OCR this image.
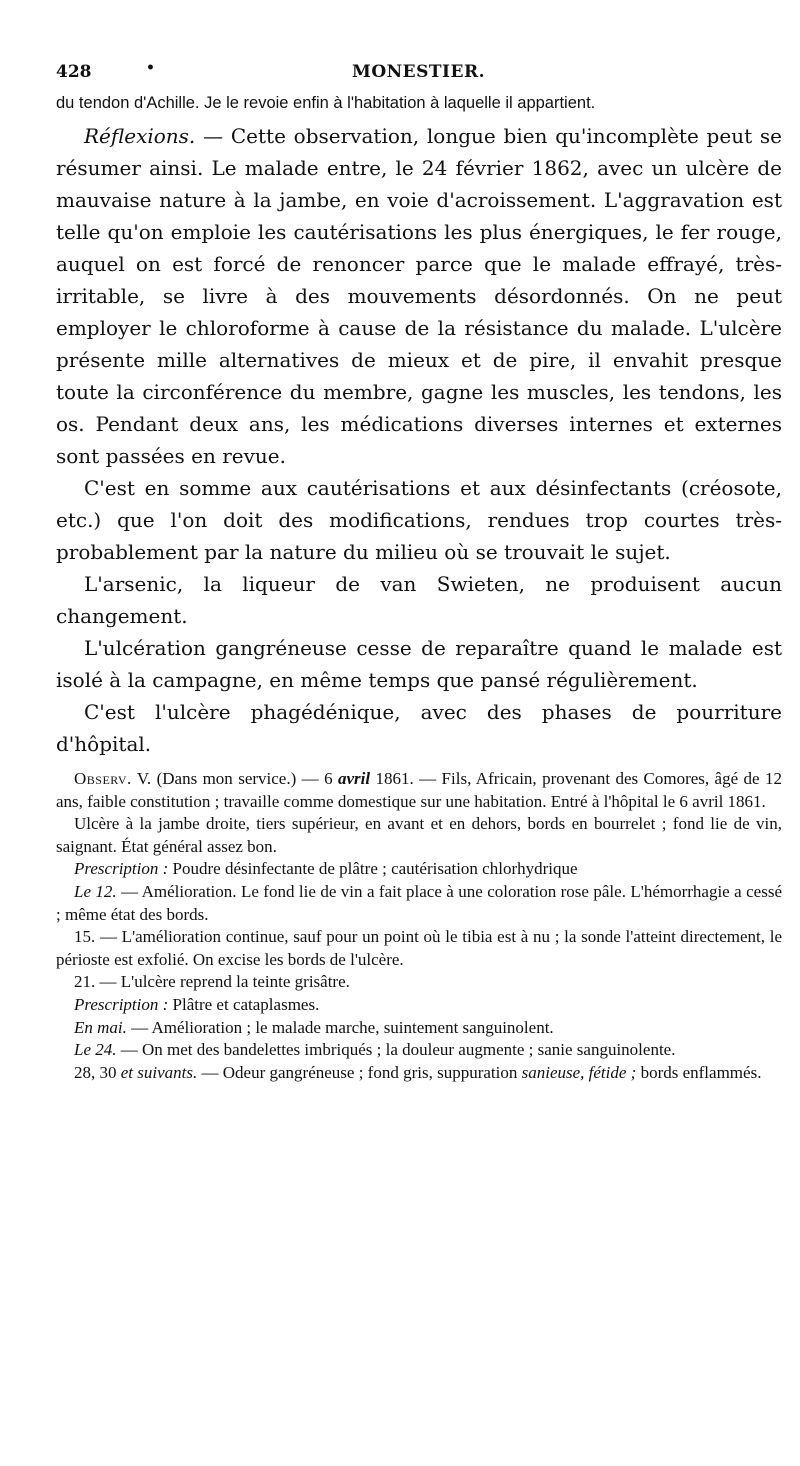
428	•	MONESTIER.

du tendon d'Achille. Je le revoie enfin à l'habitation à laquelle il appartient.

Réflexions. — Cette observation, longue bien qu'incomplète peut se résumer ainsi. Le malade entre, le 24 février 1862, avec un ulcère de mauvaise nature à la jambe, en voie d'acroissement. L'aggravation est telle qu'on emploie les cautérisations les plus énergiques, le fer rouge, auquel on est forcé de renoncer parce que le malade effrayé, très-irritable, se livre à des mouvements désordonnés. On ne peut employer le chloroforme à cause de la résistance du malade. L'ulcère présente mille alternatives de mieux et de pire, il envahit presque toute la circonférence du membre, gagne les muscles, les tendons, les os. Pendant deux ans, les médications diverses internes et externes sont passées en revue.

C'est en somme aux cautérisations et aux désinfectants (créosote, etc.) que l'on doit des modifications, rendues trop courtes très-probablement par la nature du milieu où se trouvait le sujet.

L'arsenic, la liqueur de van Swieten, ne produisent aucun changement.

L'ulcération gangréneuse cesse de reparaître quand le malade est isolé à la campagne, en même temps que pansé régulièrement.

C'est l'ulcère phagédénique, avec des phases de pourriture d'hôpital.

Observ. V. (Dans mon service.) — 6 avril 1861. — Fils, Africain, provenant des Comores, âgé de 12 ans, faible constitution ; travaille comme domestique sur une habitation. Entré à l'hôpital le 6 avril 1861.

Ulcère à la jambe droite, tiers supérieur, en avant et en dehors, bords en bourrelet ; fond lie de vin, saignant. État général assez bon.

Prescription : Poudre désinfectante de plâtre ; cautérisation chlorhydrique

Le 12. — Amélioration. Le fond lie de vin a fait place à une coloration rose pâle. L'hémorrhagie a cessé ; même état des bords.

15. — L'amélioration continue, sauf pour un point où le tibia est à nu ; la sonde l'atteint directement, le périoste est exfolié. On excise les bords de l'ulcère.

21. — L'ulcère reprend la teinte grisâtre.

Prescription : Plâtre et cataplasmes.

En mai. — Amélioration ; le malade marche, suintement sanguinolent.

Le 24. — On met des bandelettes imbriqués ; la douleur augmente ; sanie sanguinolente.

28, 30 et suivants. — Odeur gangréneuse ; fond gris, suppuration sanieuse, fétide ; bords enflammés.
